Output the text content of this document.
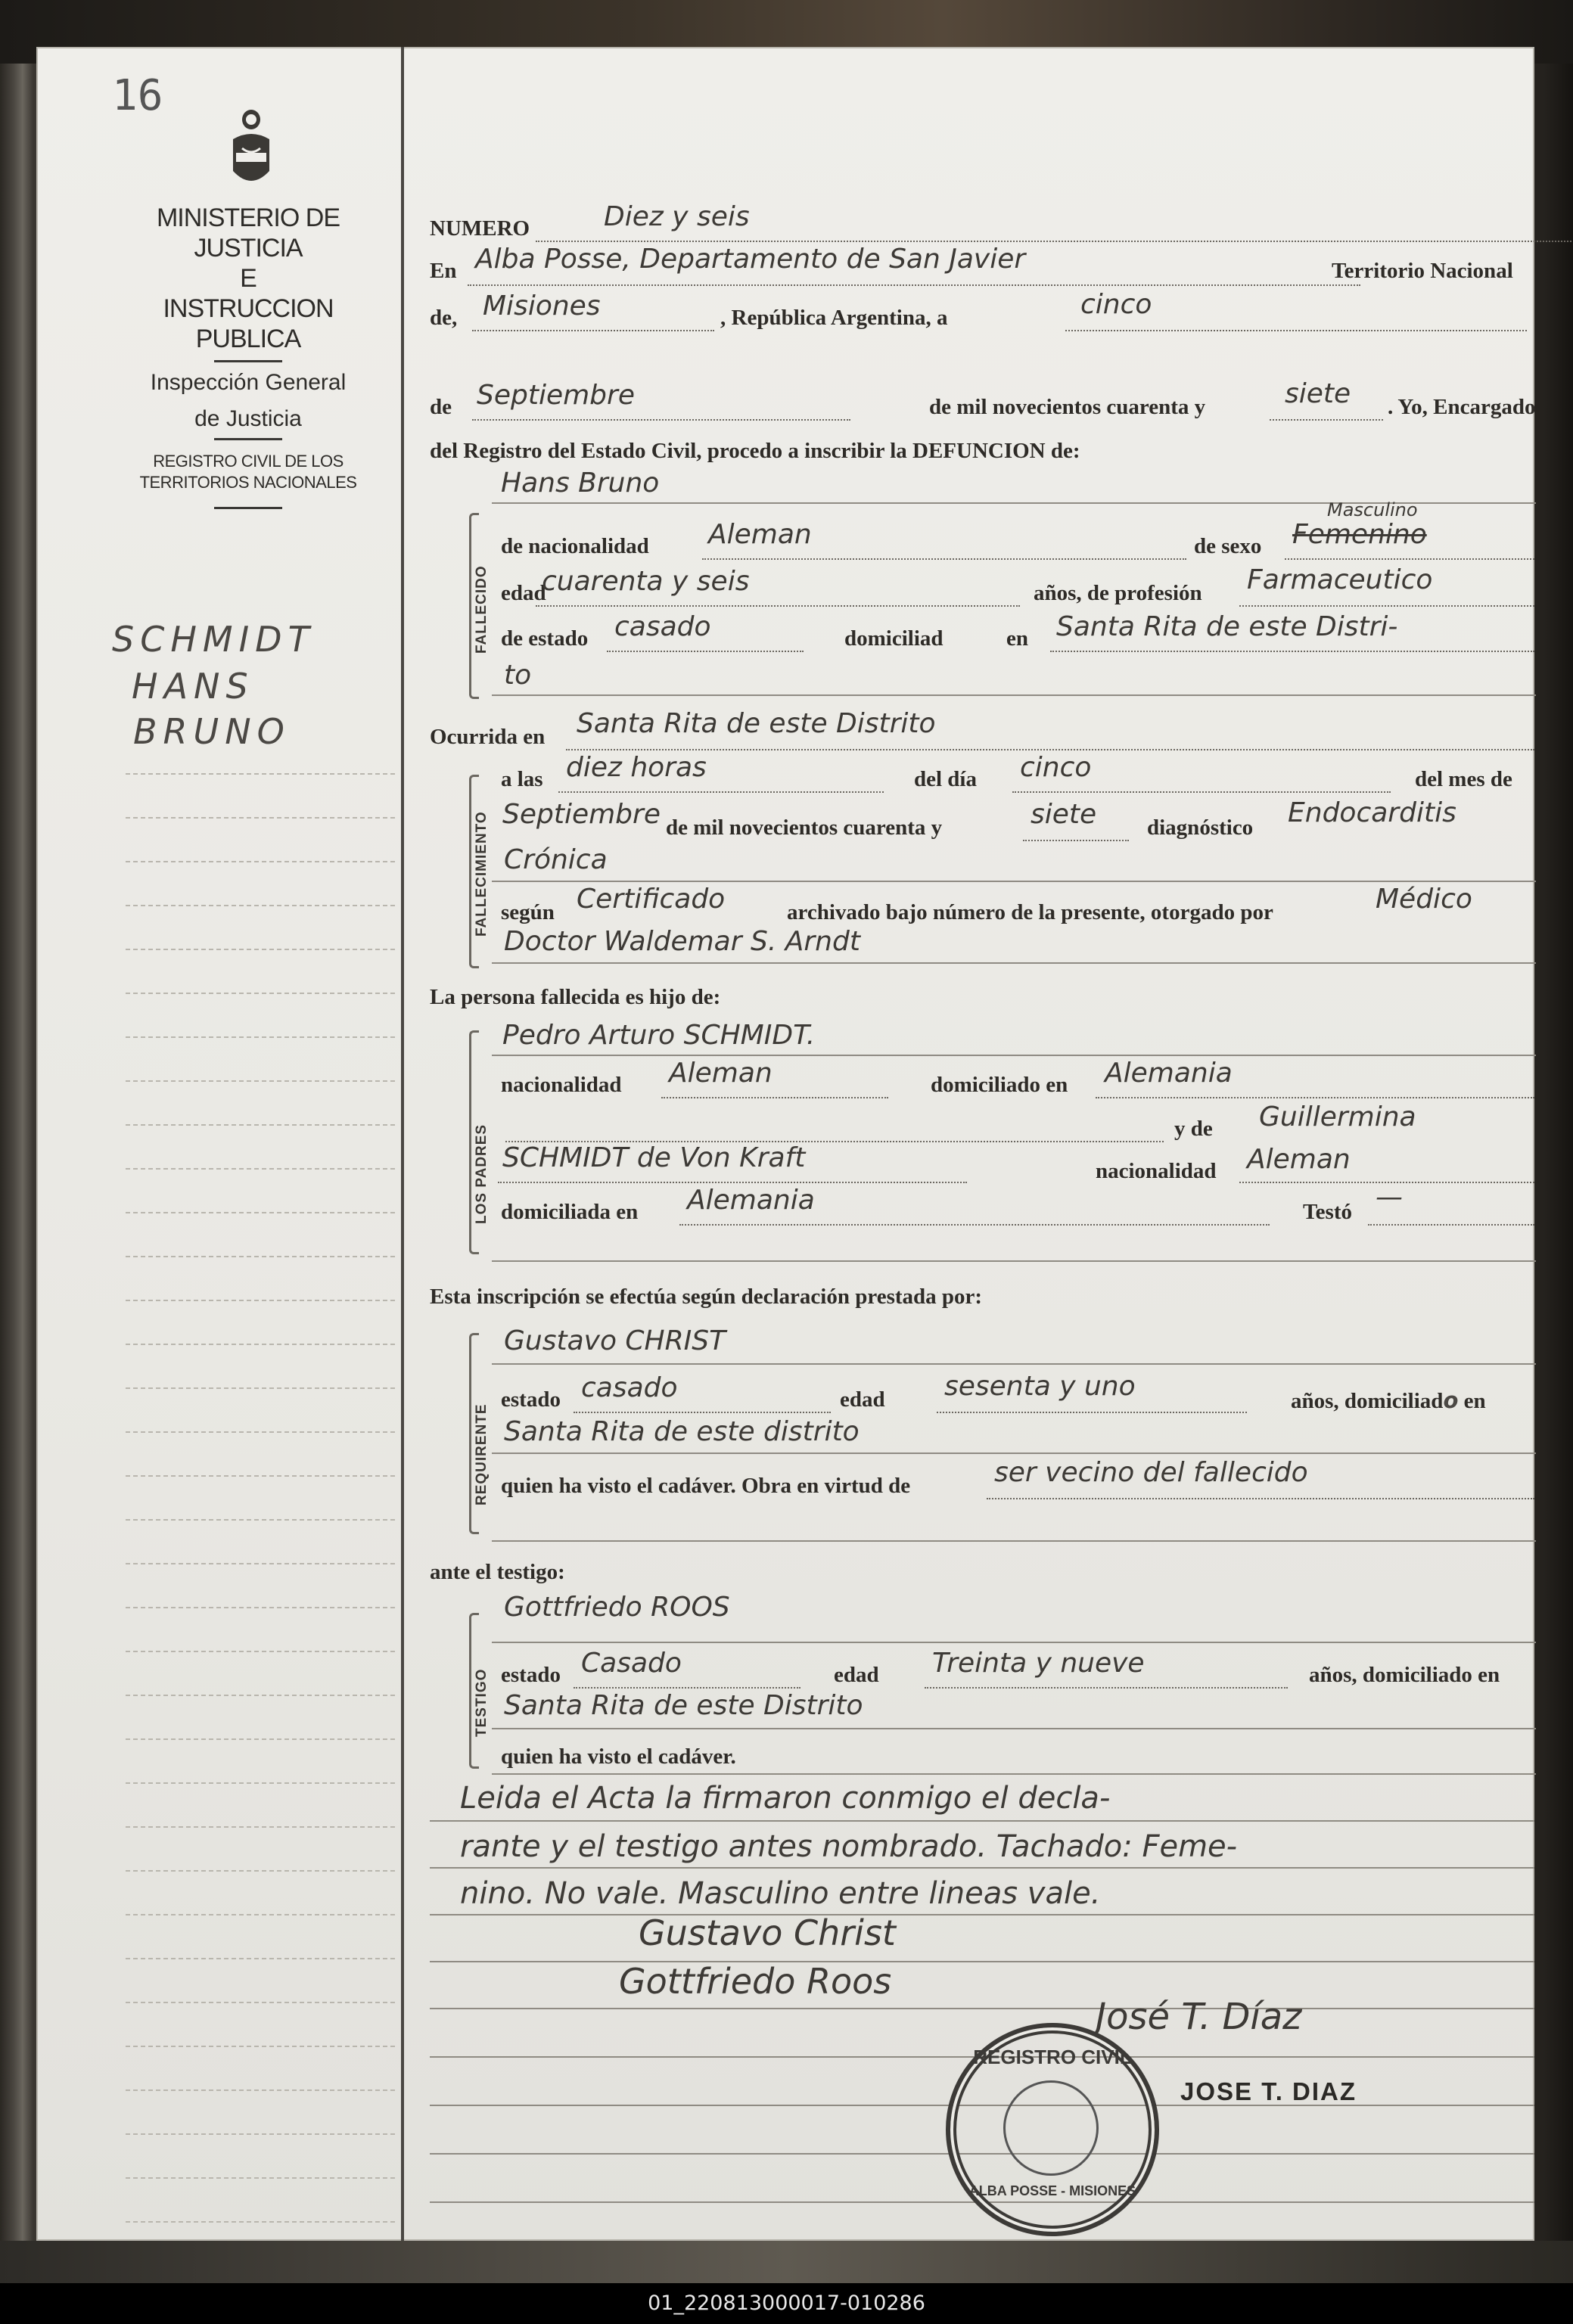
16
MINISTERIO DE JUSTICIA
E
INSTRUCCION PUBLICA
Inspección General
de Justicia
REGISTRO CIVIL DE LOS
TERRITORIOS NACIONALES
SCHMIDT
HANS
BRUNO
NUMERO	Diez y seis
En Alba Posse, Departamento de San Javier	Territorio Nacional
de, Misiones	, República Argentina, a	cinco
de Septiembre	de mil novecientos cuarenta y	siete . Yo, Encargado
del Registro del Estado Civil, procedo a inscribir la DEFUNCION de:
FALLECIDO
Hans Bruno
de nacionalidad Aleman	de sexo Femenino
Masculino
edad
cuarenta y seis	años, de profesión Farmaceutico
de estado casado	domiciliad	en Santa Rita de este Distri-
to
Ocurrida en Santa Rita de este Distrito
FALLECIMIENTO
a las diez horas	del día cinco	del mes de
de mil novecientos cuarenta y
Septiembre	siete diagnóstico Endocarditis
Crónica
según Certificado	archivado bajo número de la presente, otorgado por	Médico
Doctor Waldemar S. Arndt
La persona fallecida es hijo de:
LOS PADRES
Pedro Arturo SCHMIDT.
nacionalidad Aleman	domiciliado en Alemania
y de Guillermina
SCHMIDT de Von Kraft	nacionalidad Aleman
domiciliada en Alemania	Testó —
Esta inscripción se efectúa según declaración prestada por:
REQUIRENTE
Gustavo CHRIST
estado casado	edad sesenta y uno	años, domiciliado en
Santa Rita de este distrito
quien ha visto el cadáver. Obra en virtud de	ser vecino del fallecido
ante el testigo:
TESTIGO
Gottfriedo ROOS
estado Casado	edad Treinta y nueve	años, domiciliado en
Santa Rita de este Distrito
quien ha visto el cadáver.
Leida el Acta la firmaron conmigo el decla-
rante y el testigo antes nombrado. Tachado: Feme-
nino. No vale. Masculino entre lineas vale.
Gustavo Christ
Gottfriedo Roos
José T. Díaz
REGISTRO CIVIL
ALBA POSSE - MISIONES
JOSE T. DIAZ
01_220813000017-010286
